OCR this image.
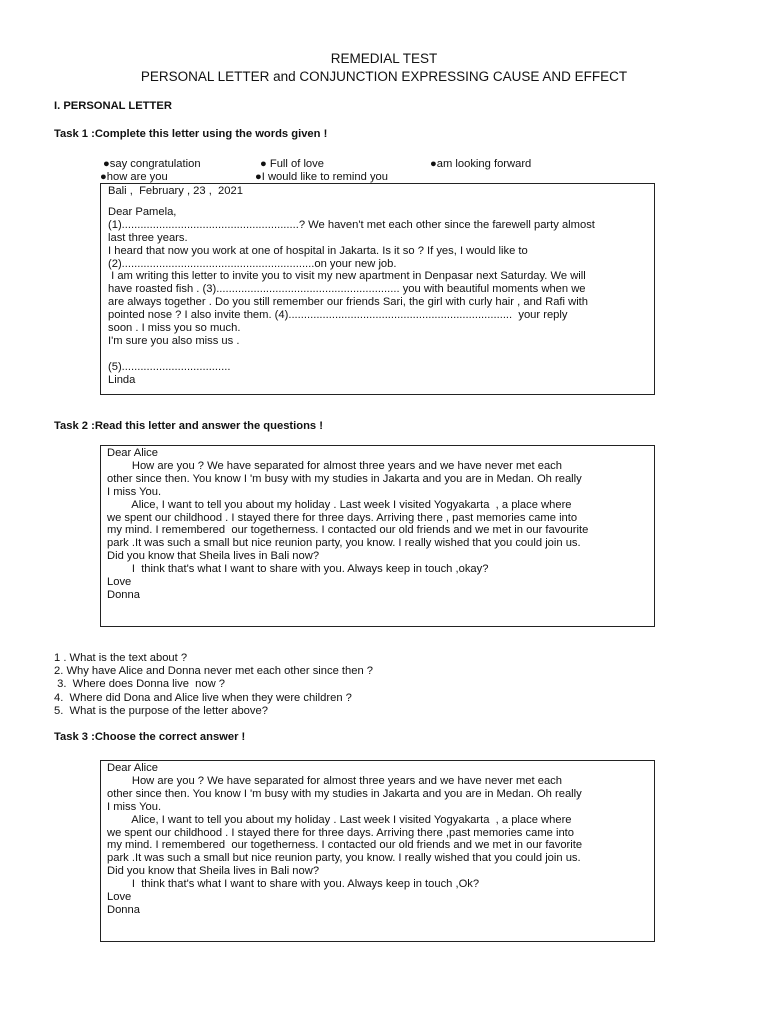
REMEDIAL TEST
PERSONAL LETTER and CONJUNCTION EXPRESSING CAUSE AND EFFECT
I. PERSONAL LETTER
Task 1 :Complete this letter using the words given !
●say congratulation	● Full of love	●am looking forward
●how are you	●I would like to remind you
Bali ,  February , 23 ,  2021
Dear Pamela,
(1).........................................................? We haven't met each other since the farewell party almost
last three years.
I heard that now you work at one of hospital in Jakarta. Is it so ? If yes, I would like to
(2)..............................................................on your new job.
I am writing this letter to invite you to visit my new apartment in Denpasar next Saturday. We will
have roasted fish . (3)........................................................... you with beautiful moments when we
are always together . Do you still remember our friends Sari, the girl with curly hair , and Rafi with
pointed nose ? I also invite them. (4)........................................................................  your reply
soon . I miss you so much.
I'm sure you also miss us .
(5)...................................
Linda
Task 2 :Read this letter and answer the questions !
Dear Alice
How are you ? We have separated for almost three years and we have never met each
other since then. You know I 'm busy with my studies in Jakarta and you are in Medan. Oh really
I miss You.
Alice, I want to tell you about my holiday . Last week I visited Yogyakarta  , a place where
we spent our childhood . I stayed there for three days. Arriving there , past memories came into
my mind. I remembered  our togetherness. I contacted our old friends and we met in our favourite
park .It was such a small but nice reunion party, you know. I really wished that you could join us.
Did you know that Sheila lives in Bali now?
I  think that's what I want to share with you. Always keep in touch ,okay?
Love
Donna
1 . What is the text about ?
2. Why have Alice and Donna never met each other since then ?
3.  Where does Donna live  now ?
4.  Where did Dona and Alice live when they were children ?
5.  What is the purpose of the letter above?
Task 3 :Choose the correct answer !
Dear Alice
How are you ? We have separated for almost three years and we have never met each
other since then. You know I 'm busy with my studies in Jakarta and you are in Medan. Oh really
I miss You.
Alice, I want to tell you about my holiday . Last week I visited Yogyakarta  , a place where
we spent our childhood . I stayed there for three days. Arriving there ,past memories came into
my mind. I remembered  our togetherness. I contacted our old friends and we met in our favorite
park .It was such a small but nice reunion party, you know. I really wished that you could join us.
Did you know that Sheila lives in Bali now?
I  think that's what I want to share with you. Always keep in touch ,Ok?
Love
Donna
